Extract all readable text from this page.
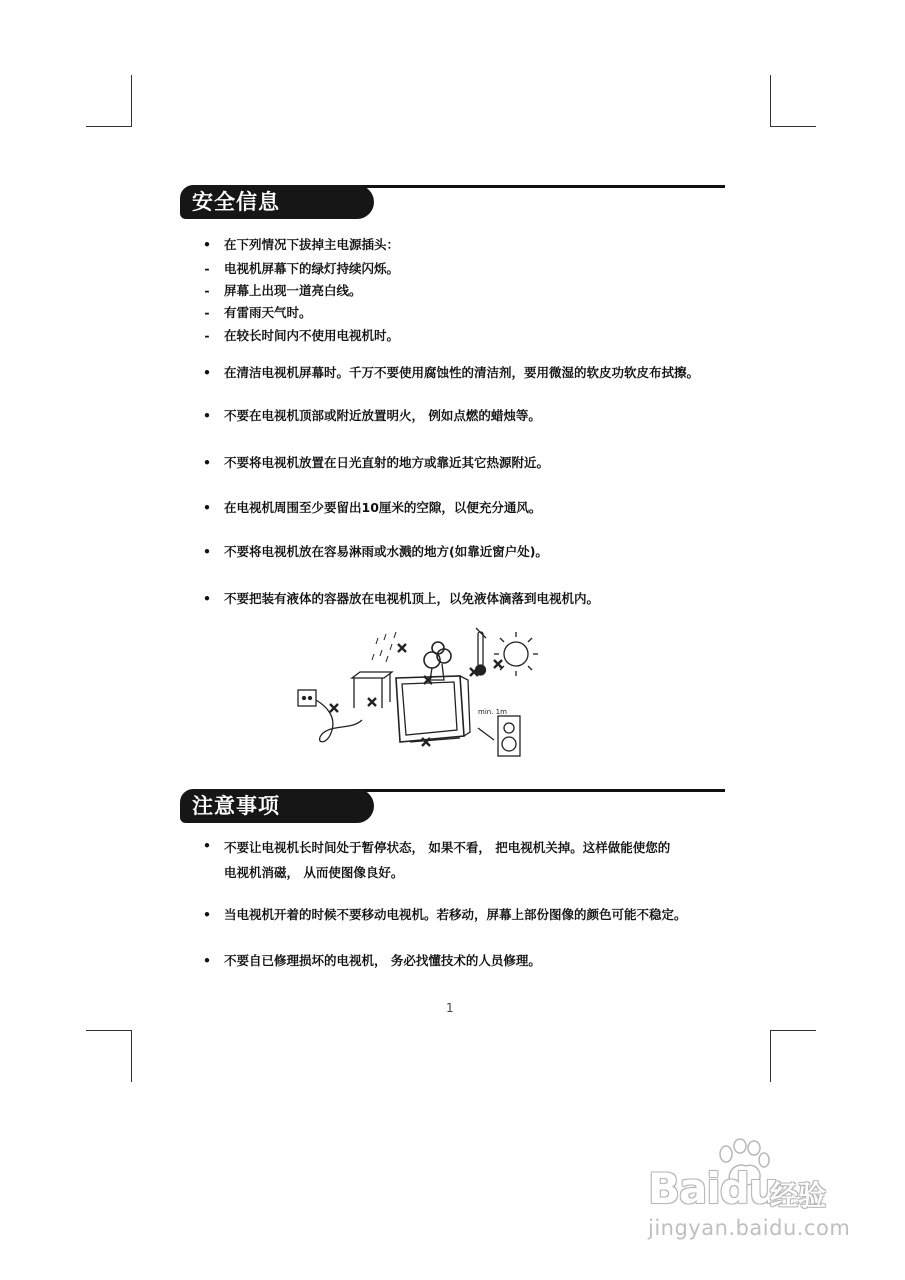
安全信息
• 在下列情况下拔掉主电源插头：
-	电视机屏幕下的绿灯持续闪烁。
-	屏幕上出现一道亮白线。
-	有雷雨天气时。
-	在较长时间内不使用电视机时。
• 在清洁电视机屏幕时。千万不要使用腐蚀性的清洁剂，要用微湿的软皮功软皮布拭擦。
• 不要在电视机顶部或附近放置明火， 例如点燃的蜡烛等。
• 不要将电视机放置在日光直射的地方或靠近其它热源附近。
• 在电视机周围至少要留出10厘米的空隙，以便充分通风。
• 不要将电视机放在容易淋雨或水溅的地方(如靠近窗户处)。
• 不要把装有液体的容器放在电视机顶上，以免液体滴落到电视机内。
min. 1m
注意事项
• 不要让电视机长时间处于暂停状态， 如果不看， 把电视机关掉。这样做能使您的
电视机消磁， 从而使图像良好。
• 当电视机开着的时候不要移动电视机。若移动，屏幕上部份图像的颜色可能不稳定。
• 不要自已修理损坏的电视机， 务必找懂技术的人员修理。
1
Baidu
经验
jingyan.baidu.com
